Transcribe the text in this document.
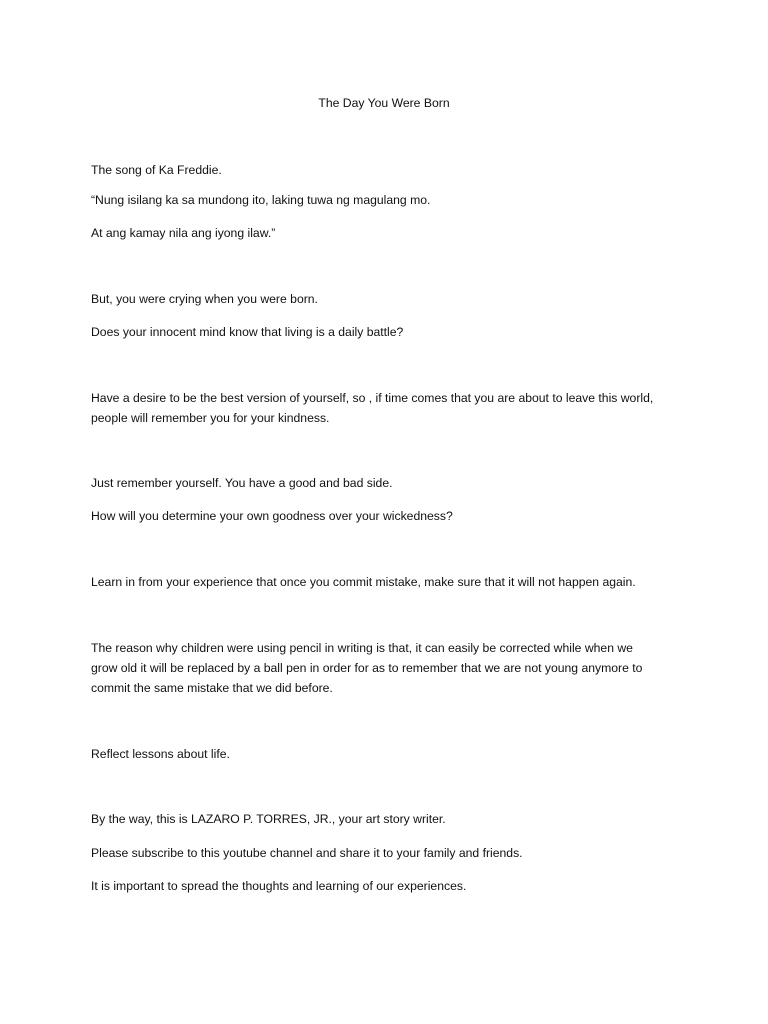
The Day You Were Born
The song of Ka Freddie.
“Nung isilang ka sa mundong ito, laking tuwa ng magulang mo.
At ang kamay nila ang iyong ilaw.”
But, you were crying when you were born.
Does your innocent mind know that living is a daily battle?
Have a desire to be the best version of yourself, so , if time comes that you are about to leave this world,
people will remember you for your kindness.
Just remember yourself. You have a good and bad side.
How will you determine your own goodness over your wickedness?
Learn in from your experience that once you commit mistake, make sure that it will not happen again.
The reason why children were using pencil in writing is that, it can easily be corrected while when we
grow old it will be replaced by a ball pen in order for as to remember that we are not young anymore to
commit the same mistake that we did before.
Reflect lessons about life.
By the way, this is LAZARO P. TORRES, JR., your art story writer.
Please subscribe to this youtube channel and share it to your family and friends.
It is important to spread the thoughts and learning of our experiences.
